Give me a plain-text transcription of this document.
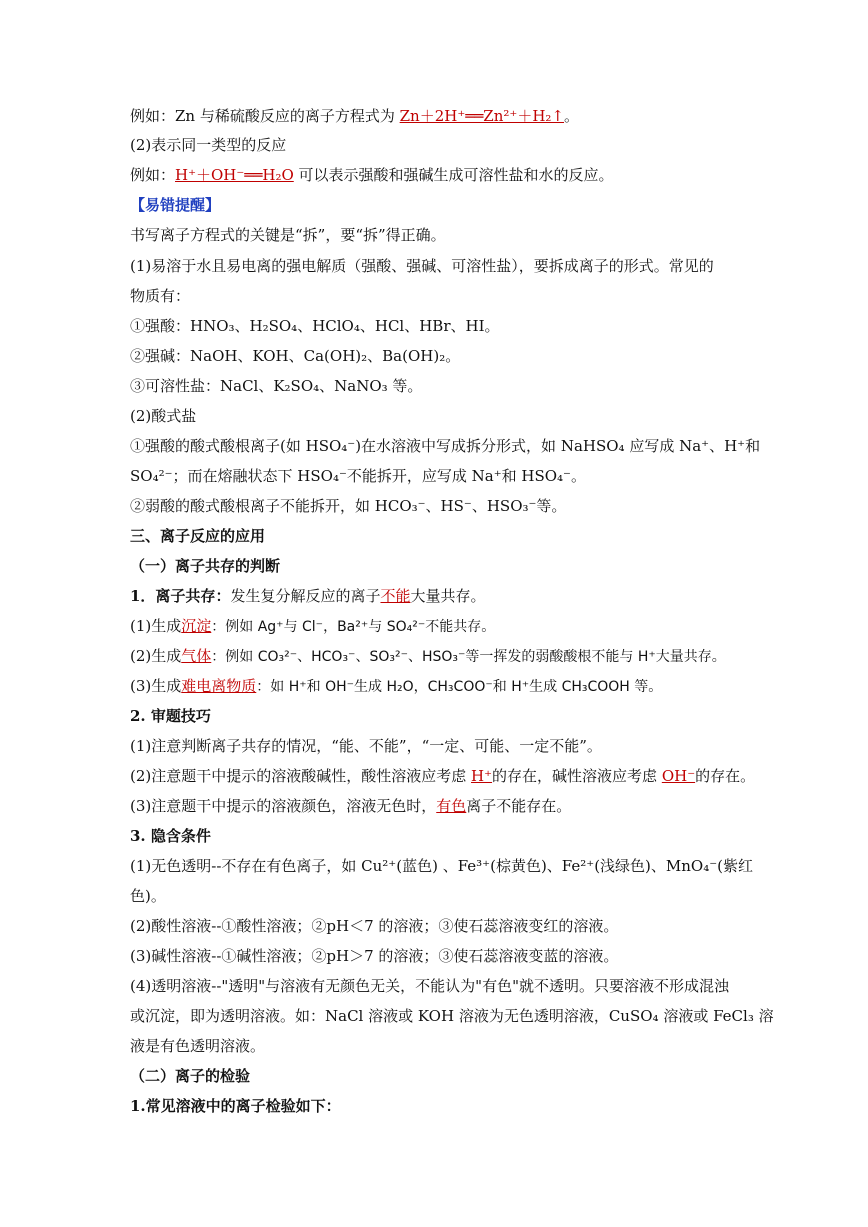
例如：Zn 与稀硫酸反应的离子方程式为 Zn＋2H⁺══Zn²⁺＋H₂↑。
(2)表示同一类型的反应
例如：H⁺＋OH⁻══H₂O 可以表示强酸和强碱生成可溶性盐和水的反应。
【易错提醒】
书写离子方程式的关键是“拆”，要“拆”得正确。
(1)易溶于水且易电离的强电解质（强酸、强碱、可溶性盐），要拆成离子的形式。常见的
物质有：
①强酸：HNO₃、H₂SO₄、HClO₄、HCl、HBr、HI。
②强碱：NaOH、KOH、Ca(OH)₂、Ba(OH)₂。
③可溶性盐：NaCl、K₂SO₄、NaNO₃ 等。
(2)酸式盐
①强酸的酸式酸根离子(如 HSO₄⁻)在水溶液中写成拆分形式，如 NaHSO₄ 应写成 Na⁺、H⁺和
SO₄²⁻；而在熔融状态下 HSO₄⁻不能拆开，应写成 Na⁺和 HSO₄⁻。
②弱酸的酸式酸根离子不能拆开，如 HCO₃⁻、HS⁻、HSO₃⁻等。
三、离子反应的应用
（一）离子共存的判断
1．离子共存：发生复分解反应的离子不能大量共存。
(1)生成沉淀：例如 Ag⁺与 Cl⁻，Ba²⁺与 SO₄²⁻不能共存。
(2)生成气体：例如 CO₃²⁻、HCO₃⁻、SO₃²⁻、HSO₃⁻等一挥发的弱酸酸根不能与 H⁺大量共存。
(3)生成难电离物质：如 H⁺和 OH⁻生成 H₂O，CH₃COO⁻和 H⁺生成 CH₃COOH 等。
2. 审题技巧
(1)注意判断离子共存的情况，“能、不能”，“一定、可能、一定不能”。
(2)注意题干中提示的溶液酸碱性，酸性溶液应考虑 H⁺的存在，碱性溶液应考虑 OH⁻的存在。
(3)注意题干中提示的溶液颜色，溶液无色时，有色离子不能存在。
3. 隐含条件
(1)无色透明--不存在有色离子，如 Cu²⁺(蓝色) 、Fe³⁺(棕黄色)、Fe²⁺(浅绿色)、MnO₄⁻(紫红
色)。
(2)酸性溶液--①酸性溶液；②pH＜7 的溶液；③使石蕊溶液变红的溶液。
(3)碱性溶液--①碱性溶液；②pH＞7 的溶液；③使石蕊溶液变蓝的溶液。
(4)透明溶液--"透明"与溶液有无颜色无关，不能认为"有色"就不透明。只要溶液不形成混浊
或沉淀，即为透明溶液。如：NaCl 溶液或 KOH 溶液为无色透明溶液，CuSO₄ 溶液或 FeCl₃ 溶
液是有色透明溶液。
（二）离子的检验
1.常见溶液中的离子检验如下：
